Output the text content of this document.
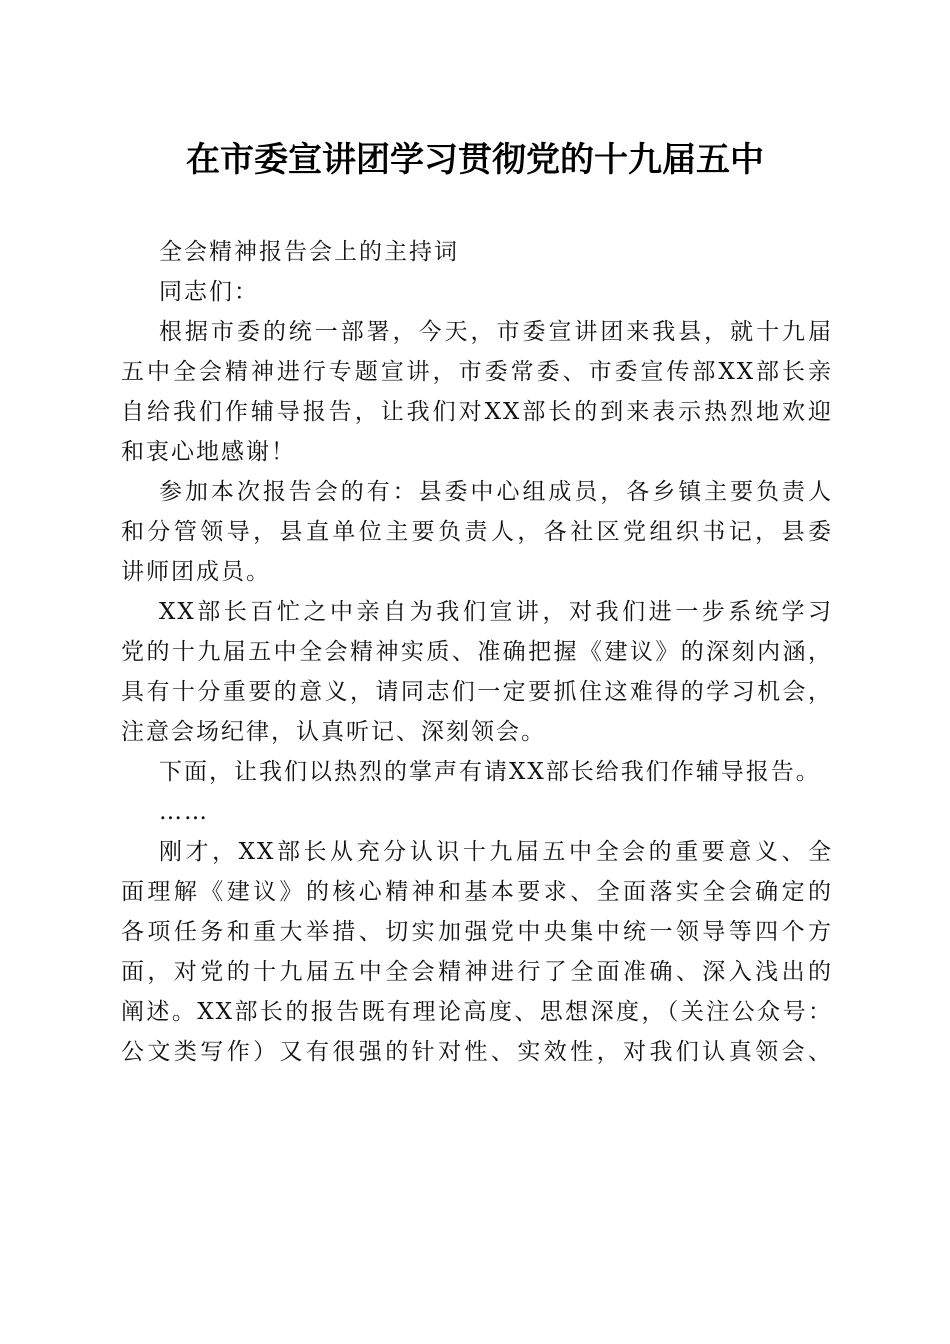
在市委宣讲团学习贯彻党的十九届五中
全会精神报告会上的主持词
同志们：
根据市委的统一部署，今天，市委宣讲团来我县，就十九届
五中全会精神进行专题宣讲，市委常委、市委宣传部XX部长亲
自给我们作辅导报告，让我们对XX部长的到来表示热烈地欢迎
和衷心地感谢！
参加本次报告会的有：县委中心组成员，各乡镇主要负责人
和分管领导，县直单位主要负责人，各社区党组织书记，县委
讲师团成员。
XX部长百忙之中亲自为我们宣讲，对我们进一步系统学习
党的十九届五中全会精神实质、准确把握《建议》的深刻内涵，
具有十分重要的意义，请同志们一定要抓住这难得的学习机会，
注意会场纪律，认真听记、深刻领会。
下面，让我们以热烈的掌声有请XX部长给我们作辅导报告。
……
刚才，XX部长从充分认识十九届五中全会的重要意义、全
面理解《建议》的核心精神和基本要求、全面落实全会确定的
各项任务和重大举措、切实加强党中央集中统一领导等四个方
面，对党的十九届五中全会精神进行了全面准确、深入浅出的
阐述。XX部长的报告既有理论高度、思想深度，（关注公众号：
公文类写作）又有很强的针对性、实效性，对我们认真领会、
